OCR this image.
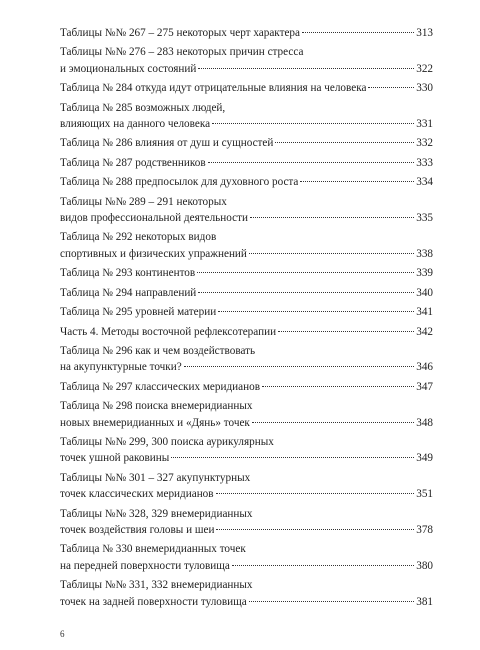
Таблицы №№ 267 – 275 некоторых черт характера	313
Таблицы №№ 276 – 283 некоторых причин стресса
и эмоциональных состояний	322
Таблица № 284 откуда идут отрицательные влияния на человека	330
Таблица № 285 возможных людей,
влияющих на данного человека	331
Таблица № 286 влияния от душ и сущностей	332
Таблица № 287 родственников	333
Таблица № 288 предпосылок для духовного роста	334
Таблицы №№ 289 – 291 некоторых
видов профессиональной деятельности	335
Таблица № 292 некоторых видов
спортивных и физических упражнений	338
Таблица № 293 континентов	339
Таблица № 294 направлений	340
Таблица № 295 уровней материи	341
Часть 4. Методы восточной рефлексотерапии	342
Таблица № 296 как и чем воздействовать
на акупунктурные точки?	346
Таблица № 297 классических меридианов	347
Таблица № 298 поиска внемеридианных
новых внемеридианных и «Дянь» точек	348
Таблицы №№ 299, 300 поиска аурикулярных
точек ушной раковины	349
Таблицы №№ 301 – 327 акупунктурных
точек классических меридианов	351
Таблицы №№ 328, 329 внемеридианных
точек воздействия головы и шеи	378
Таблица № 330 внемеридианных точек
на передней поверхности туловища	380
Таблицы №№ 331, 332 внемеридианных
точек на задней поверхности туловища	381
6
